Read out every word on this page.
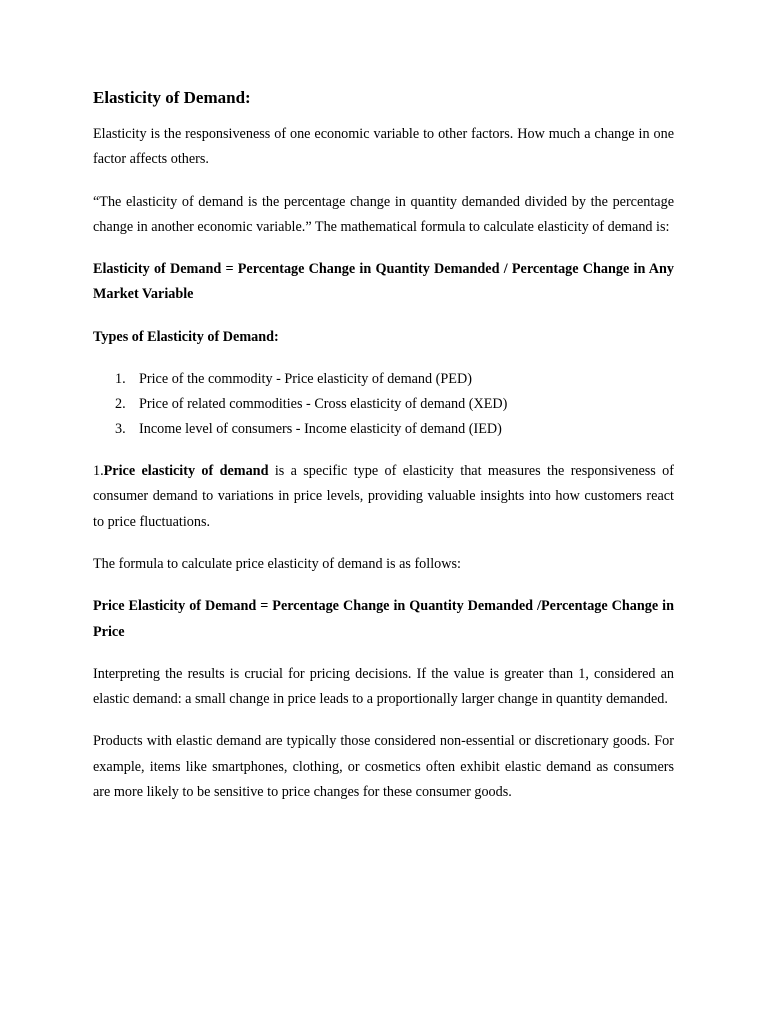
Elasticity of Demand:

Elasticity is the responsiveness of one economic variable to other factors. How much a change in one factor affects others.

“The elasticity of demand is the percentage change in quantity demanded divided by the percentage change in another economic variable.” The mathematical formula to calculate elasticity of demand is:

Elasticity of Demand = Percentage Change in Quantity Demanded / Percentage Change in Any Market Variable

Types of Elasticity of Demand:

1. Price of the commodity - Price elasticity of demand (PED)
2. Price of related commodities - Cross elasticity of demand (XED)
3. Income level of consumers - Income elasticity of demand (IED)

1.Price elasticity of demand is a specific type of elasticity that measures the responsiveness of consumer demand to variations in price levels, providing valuable insights into how customers react to price fluctuations.

The formula to calculate price elasticity of demand is as follows:

Price Elasticity of Demand = Percentage Change in Quantity Demanded /Percentage Change in Price

Interpreting the results is crucial for pricing decisions. If the value is greater than 1, considered an elastic demand: a small change in price leads to a proportionally larger change in quantity demanded.

Products with elastic demand are typically those considered non-essential or discretionary goods. For example, items like smartphones, clothing, or cosmetics often exhibit elastic demand as consumers are more likely to be sensitive to price changes for these consumer goods.
